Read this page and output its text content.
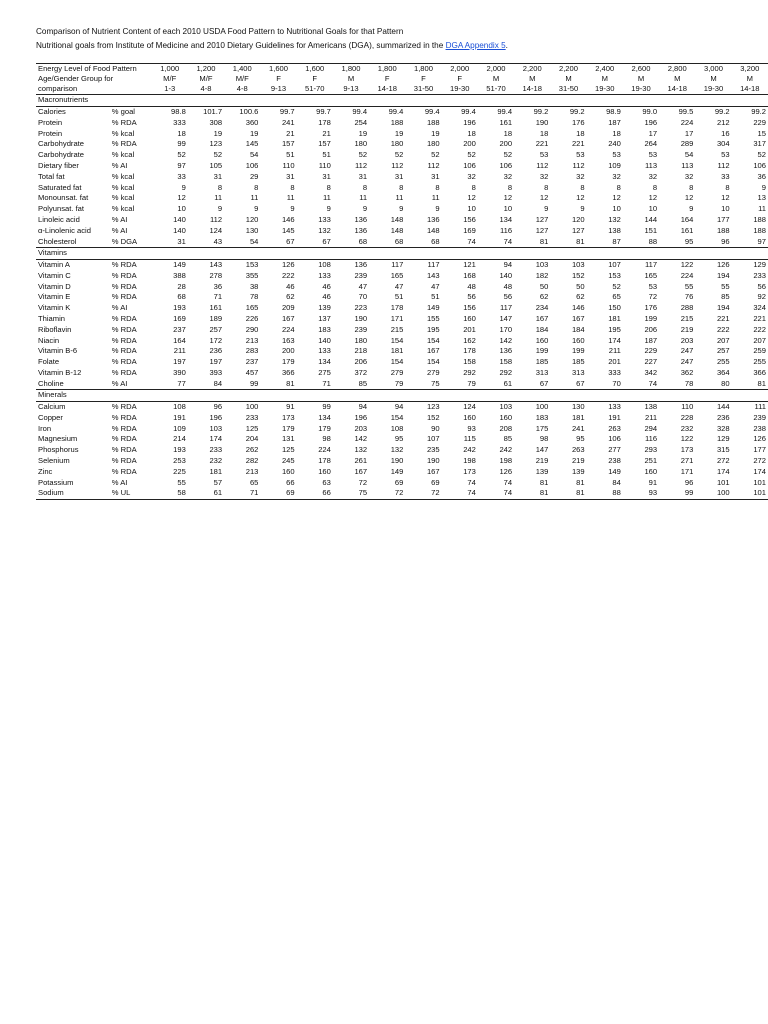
Comparison of Nutrient Content of each 2010 USDA Food Pattern to Nutritional Goals for that Pattern
Nutritional goals from Institute of Medicine and 2010 Dietary Guidelines for Americans (DGA), summarized in the DGA Appendix 5.
Energy Level of Food Pattern		1,000	1,200	1,400	1,600	1,600	1,800	1,800	1,800	2,000	2,000	2,200	2,200	2,400	2,600	2,800	3,000	3,200
Age/Gender Group for		M/F	M/F	M/F	F	F	M	F	F	F	M	M	M	M	M	M	M	M
comparison		1-3	4-8	4-8	9-13	51-70	9-13	14-18	31-50	19-30	51-70	14-18	31-50	19-30	19-30	14-18	19-30	14-18
Macronutrients																		
Calories	% goal	98.8	101.7	100.6	99.7	99.7	99.4	99.4	99.4	99.4	99.4	99.2	99.2	98.9	99.0	99.5	99.2	99.2
Protein	% RDA	333	308	360	241	178	254	188	188	196	161	190	176	187	196	224	212	229
Protein	% kcal	18	19	19	21	21	19	19	19	18	18	18	18	18	17	17	16	15
Carbohydrate	% RDA	99	123	145	157	157	180	180	180	200	200	221	221	240	264	289	304	317
Carbohydrate	% kcal	52	52	54	51	51	52	52	52	52	52	53	53	53	53	54	53	52
Dietary fiber	% AI	97	105	106	110	110	112	112	112	106	106	112	112	109	113	113	112	106
Total fat	% kcal	33	31	29	31	31	31	31	31	32	32	32	32	32	32	32	33	36
Saturated fat	% kcal	9	8	8	8	8	8	8	8	8	8	8	8	8	8	8	8	9
Monounsat. fat	% kcal	12	11	11	11	11	11	11	11	12	12	12	12	12	12	12	12	13
Polyunsat. fat	% kcal	10	9	9	9	9	9	9	9	10	10	9	9	10	10	9	10	11
Linoleic acid	% AI	140	112	120	146	133	136	148	136	156	134	127	120	132	144	164	177	188
α-Linolenic acid	% AI	140	124	130	145	132	136	148	148	169	116	127	127	138	151	161	188	188
Cholesterol	% DGA	31	43	54	67	67	68	68	68	74	74	81	81	87	88	95	96	97
Vitamins																		
Vitamin A	% RDA	149	143	153	126	108	136	117	117	121	94	103	103	107	117	122	126	129
Vitamin C	% RDA	388	278	355	222	133	239	165	143	168	140	182	152	153	165	224	194	233
Vitamin D	% RDA	28	36	38	46	46	47	47	47	48	48	50	50	52	53	55	55	56
Vitamin E	% RDA	68	71	78	62	46	70	51	51	56	56	62	62	65	72	76	85	92
Vitamin K	% AI	193	161	165	209	139	223	178	149	156	117	234	146	150	176	288	194	324
Thiamin	% RDA	169	189	226	167	137	190	171	155	160	147	167	167	181	199	215	221	221
Riboflavin	% RDA	237	257	290	224	183	239	215	195	201	170	184	184	195	206	219	222	222
Niacin	% RDA	164	172	213	163	140	180	154	154	162	142	160	160	174	187	203	207	207
Vitamin B-6	% RDA	211	236	283	200	133	218	181	167	178	136	199	199	211	229	247	257	259
Folate	% RDA	197	197	237	179	134	206	154	154	158	158	185	185	201	227	247	255	255
Vitamin B-12	% RDA	390	393	457	366	275	372	279	279	292	292	313	313	333	342	362	364	366
Choline	% AI	77	84	99	81	71	85	79	75	79	61	67	67	70	74	78	80	81
Minerals																		
Calcium	% RDA	108	96	100	91	99	94	94	123	124	103	100	130	133	138	110	144	111
Copper	% RDA	191	196	233	173	134	196	154	152	160	160	183	181	191	211	228	236	239
Iron	% RDA	109	103	125	179	179	203	108	90	93	208	175	241	263	294	232	328	238
Magnesium	% RDA	214	174	204	131	98	142	95	107	115	85	98	95	106	116	122	129	126
Phosphorus	% RDA	193	233	262	125	224	132	132	235	242	242	147	263	277	293	173	315	177
Selenium	% RDA	253	232	282	245	178	261	190	190	198	198	219	219	238	251	271	272	272
Zinc	% RDA	225	181	213	160	160	167	149	167	173	126	139	139	149	160	171	174	174
Potassium	% AI	55	57	65	66	63	72	69	69	74	74	81	81	84	91	96	101	101
Sodium	% UL	58	61	71	69	66	75	72	72	74	74	81	81	88	93	99	100	101
